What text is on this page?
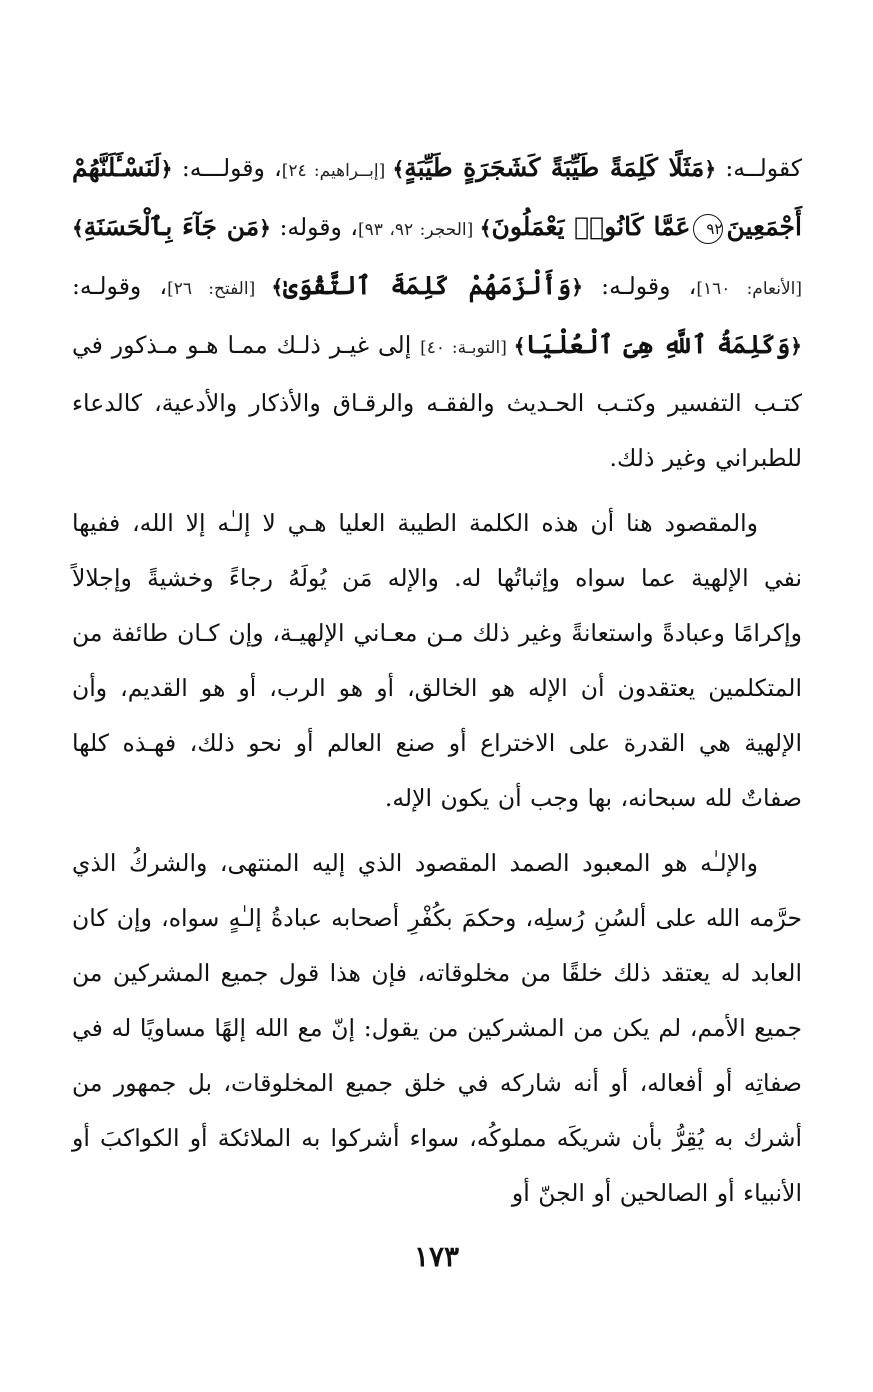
كقولــه: ﴿مَثَلًا كَلِمَةً طَيِّبَةً كَشَجَرَةٍ طَيِّبَةٍ﴾ [إبــراهيم: ٢٤]، وقولـــه: ﴿لَنَسْـَٔلَنَّهُمْ أَجْمَعِينَ٩٢عَمَّا كَانُوا۟ يَعْمَلُونَ﴾ [الحجر: ٩٢، ٩٣]، وقوله: ﴿مَن جَآءَ بِٱلْحَسَنَةِ﴾ [الأنعام: ١٦٠]، وقولـه: ﴿وَأَلْزَمَهُمْ كَلِمَةَ ٱلتَّقْوَىٰ﴾ [الفتح: ٢٦]، وقولـه: ﴿وَكَلِمَةُ ٱللَّهِ هِىَ ٱلْعُلْيَا﴾ [التوبـة: ٤٠] إلى غيـر ذلـك ممـا هـو مـذكور في كتـب التفسير وكتـب الحـديث والفقـه والرقـاق والأذكار والأدعية، كالدعاء للطبراني وغير ذلك.

والمقصود هنا أن هذه الكلمة الطيبة العليا هـي لا إلـٰه إلا الله، ففيها نفي الإلهية عما سواه وإثباتُها له. والإله مَن يُولَهُ رجاءً وخشيةً وإجلالاً وإكرامًا وعبادةً واستعانةً وغير ذلك مـن معـاني الإلهيـة، وإن كـان طائفة من المتكلمين يعتقدون أن الإله هو الخالق، أو هو الرب، أو هو القديم، وأن الإلهية هي القدرة على الاختراع أو صنع العالم أو نحو ذلك، فهـذه كلها صفاتٌ لله سبحانه، بها وجب أن يكون الإله.

والإلـٰه هو المعبود الصمد المقصود الذي إليه المنتهى، والشركُ الذي حرَّمه الله على ألسُنِ رُسلِه، وحكمَ بكُفْرِ أصحابه عبادةُ إلـٰهٍ سواه، وإن كان العابد له يعتقد ذلك خلقًا من مخلوقاته، فإن هذا قول جميع المشركين من جميع الأمم، لم يكن من المشركين من يقول: إنّ مع الله إلهًا مساويًا له في صفاتِه أو أفعاله، أو أنه شاركه في خلق جميع المخلوقات، بل جمهور من أشرك به يُقِرُّ بأن شريكَه مملوكُه، سواء أشركوا به الملائكة أو الكواكبَ أو الأنبياء أو الصالحين أو الجنّ أو

١٧٣
